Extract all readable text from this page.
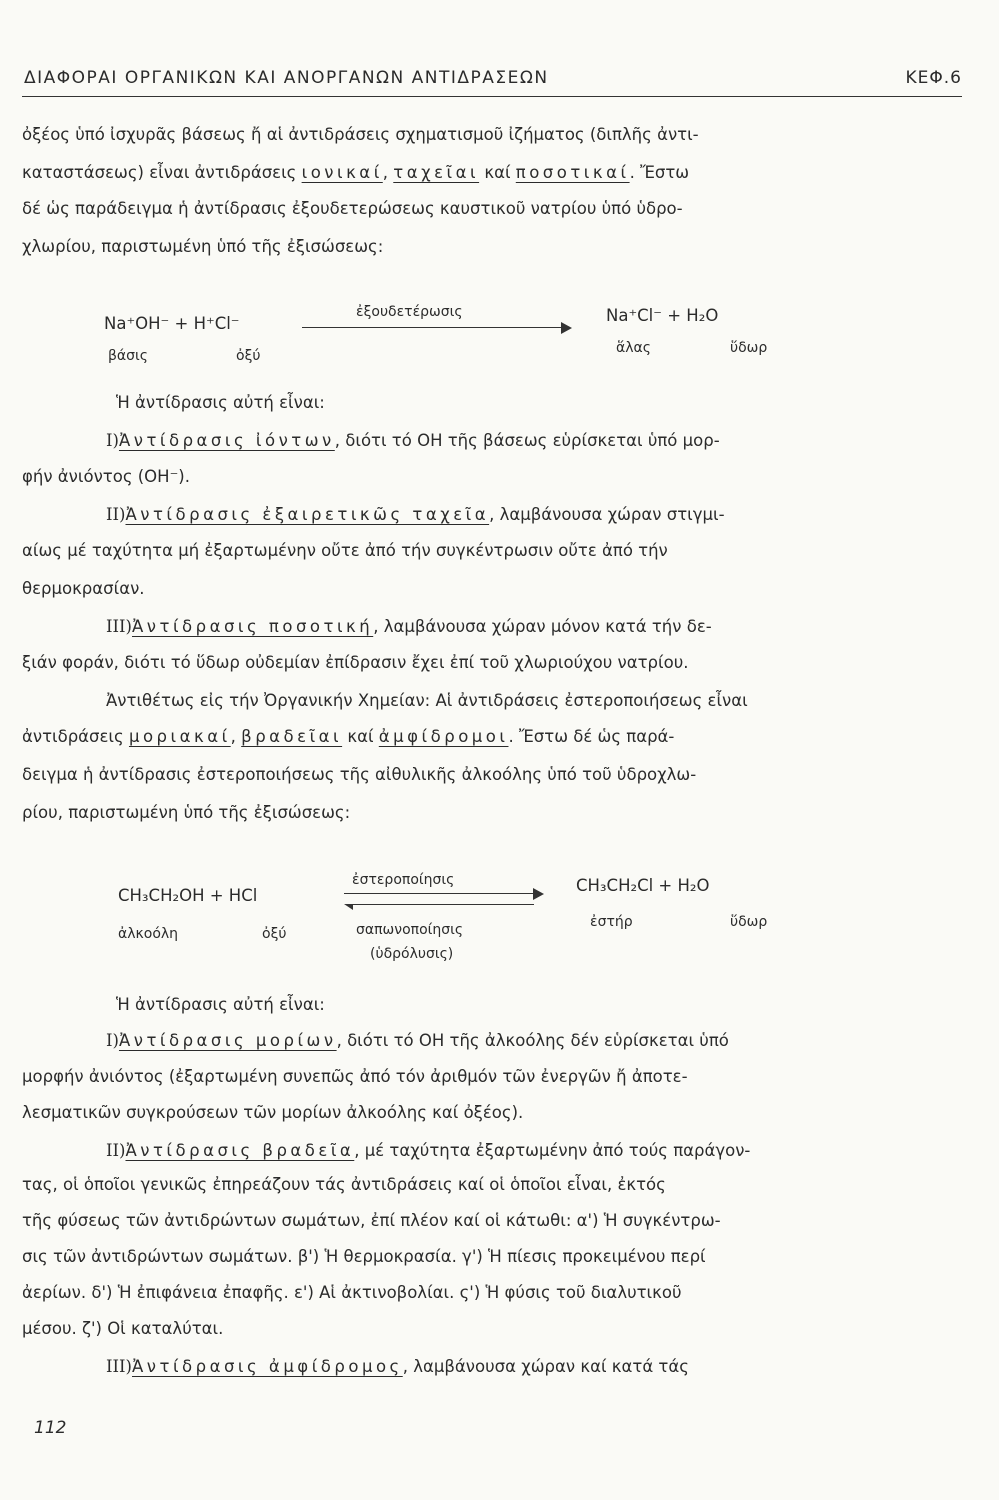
ΔΙΑΦΟΡΑΙ ΟΡΓΑΝΙΚΩΝ ΚΑΙ ΑΝΟΡΓΑΝΩΝ ΑΝΤΙΔΡΑΣΕΩΝ	ΚΕΦ.6
ὀξέος ὑπό ἰσχυρᾶς βάσεως ἤ αἱ ἀντιδράσεις σχηματισμοῦ ἰζήματος (διπλῆς ἀντι-
καταστάσεως) εἶναι ἀντιδράσεις ιονικαί, ταχεῖαι καί ποσοτικαί. Ἔστω
δέ ὡς παράδειγμα ἡ ἀντίδρασις ἐξουδετερώσεως καυστικοῦ νατρίου ὑπό ὑδρο-
χλωρίου, παριστωμένη ὑπό τῆς ἐξισώσεως:
Na⁺OH⁻ + H⁺Cl⁻
ἐξουδετέρωσις	Na⁺Cl⁻ + H₂O
βάσις	ὀξύ	ἅλας	ὕδωρ
Ἡ ἀντίδρασις αὐτή εἶναι:
I)Ἀντίδρασις ἰόντων, διότι τό OH τῆς βάσεως εὑρίσκεται ὑπό μορ-
φήν ἀνιόντος (OH⁻).
II)Ἀντίδρασις ἐξαιρετικῶς ταχεῖα, λαμβάνουσα χώραν στιγμι-
αίως μέ ταχύτητα μή ἐξαρτωμένην οὔτε ἀπό τήν συγκέντρωσιν οὔτε ἀπό τήν
θερμοκρασίαν.
III)Ἀντίδρασις ποσοτική, λαμβάνουσα χώραν μόνον κατά τήν δε-
ξιάν φοράν, διότι τό ὕδωρ οὐδεμίαν ἐπίδρασιν ἔχει ἐπί τοῦ χλωριούχου νατρίου.
Ἀντιθέτως εἰς τήν Ὀργανικήν Χημείαν: Αἱ ἀντιδράσεις ἐστεροποιήσεως εἶναι
ἀντιδράσεις μοριακαί, βραδεῖαι καί ἀμφίδρομοι. Ἔστω δέ ὡς παρά-
δειγμα ἡ ἀντίδρασις ἐστεροποιήσεως τῆς αἰθυλικῆς ἀλκοόλης ὑπό τοῦ ὑδροχλω-
ρίου, παριστωμένη ὑπό τῆς ἐξισώσεως:
CH₃CH₂OH + HCl
ἐστεροποίησις	CH₃CH₂Cl + H₂O
ἀλκοόλη	ὀξύ	σαπωνοποίησις
(ὑδρόλυσις)
ἐστήρ	ὕδωρ
Ἡ ἀντίδρασις αὐτή εἶναι:
I)Ἀντίδρασις μορίων, διότι τό OH τῆς ἀλκοόλης δέν εὑρίσκεται ὑπό
μορφήν ἀνιόντος (ἐξαρτωμένη συνεπῶς ἀπό τόν ἀριθμόν τῶν ἐνεργῶν ἤ ἀποτε-
λεσματικῶν συγκρούσεων τῶν μορίων ἀλκοόλης καί ὀξέος).
II)Ἀντίδρασις βραδεῖα, μέ ταχύτητα ἐξαρτωμένην ἀπό τούς παράγον-
τας, οἱ ὁποῖοι γενικῶς ἐπηρεάζουν τάς ἀντιδράσεις καί οἱ ὁποῖοι εἶναι, ἐκτός
τῆς φύσεως τῶν ἀντιδρώντων σωμάτων, ἐπί πλέον καί οἱ κάτωθι: α') Ἡ συγκέντρω-
σις τῶν ἀντιδρώντων σωμάτων. β') Ἡ θερμοκρασία. γ') Ἡ πίεσις προκειμένου περί
ἀερίων. δ') Ἡ ἐπιφάνεια ἐπαφῆς. ε') Αἱ ἀκτινοβολίαι. ς') Ἡ φύσις τοῦ διαλυτικοῦ
μέσου. ζ') Οἱ καταλύται.
III)Ἀντίδρασις ἀμφίδρομος, λαμβάνουσα χώραν καί κατά τάς
112
